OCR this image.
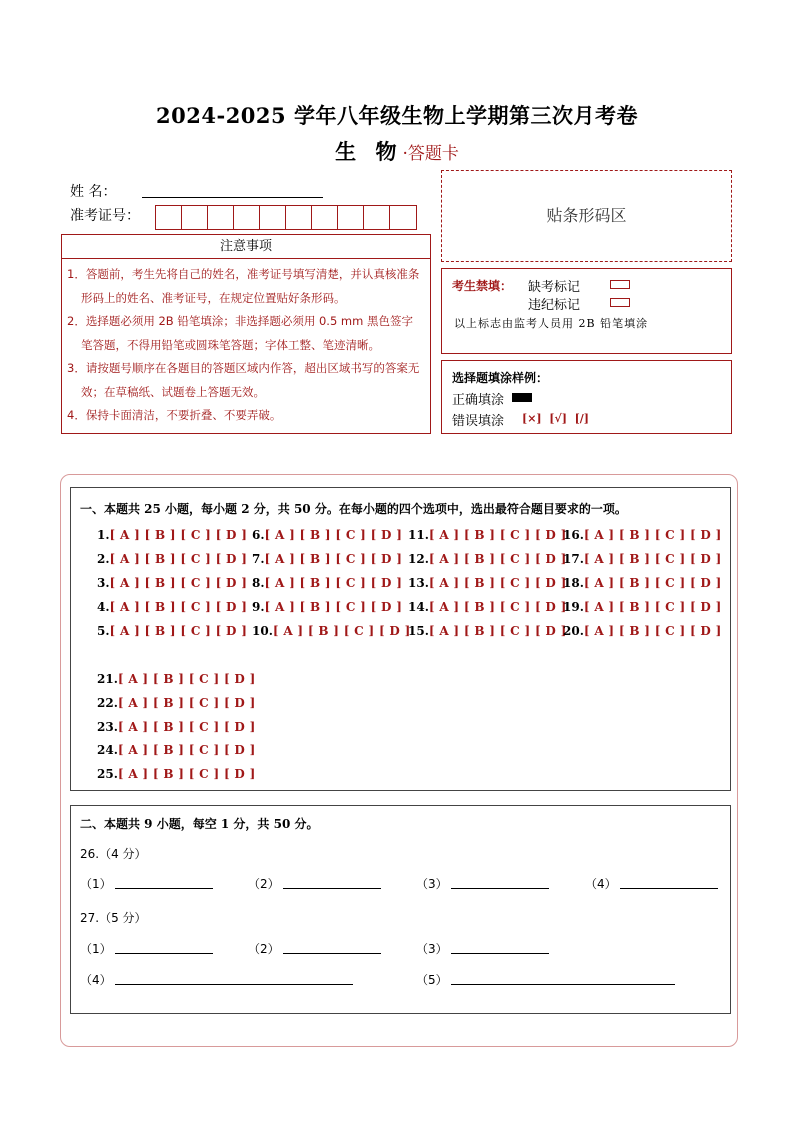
2024-2025 学年八年级生物上学期第三次月考卷
生 物·答题卡
姓 名：
准考证号：
注意事项

1．答题前，考生先将自己的姓名，准考证号填写清楚，并认真核准条形码上的姓名、准考证号，在规定位置贴好条形码。

2．选择题必须用 2B 铅笔填涂；非选择题必须用 0.5 mm 黑色签字笔答题，不得用铅笔或圆珠笔答题；字体工整、笔迹清晰。

3．请按题号顺序在各题目的答题区域内作答，超出区域书写的答案无效；在草稿纸、试题卷上答题无效。

4．保持卡面清洁，不要折叠、不要弄破。

贴条形码区
考生禁填： 缺考标记
违纪标记
以上标志由监考人员用 2B 铅笔填涂
选择题填涂样例：
正确填涂
错误填涂 [×]  [√]  [/]
一、本题共 25 小题，每小题 2 分，共 50 分。在每小题的四个选项中，选出最符合题目要求的一项。
1.[ A ] [ B ] [ C ] [ D ]
2.[ A ] [ B ] [ C ] [ D ]
3.[ A ] [ B ] [ C ] [ D ]
4.[ A ] [ B ] [ C ] [ D ]
5.[ A ] [ B ] [ C ] [ D ]
6.[ A ] [ B ] [ C ] [ D ]
7.[ A ] [ B ] [ C ] [ D ]
8.[ A ] [ B ] [ C ] [ D ]
9.[ A ] [ B ] [ C ] [ D ]
10.[ A ] [ B ] [ C ] [ D ]
11.[ A ] [ B ] [ C ] [ D ]
12.[ A ] [ B ] [ C ] [ D ]
13.[ A ] [ B ] [ C ] [ D ]
14.[ A ] [ B ] [ C ] [ D ]
15.[ A ] [ B ] [ C ] [ D ]
16.[ A ] [ B ] [ C ] [ D ]
17.[ A ] [ B ] [ C ] [ D ]
18.[ A ] [ B ] [ C ] [ D ]
19.[ A ] [ B ] [ C ] [ D ]
20.[ A ] [ B ] [ C ] [ D ]
21.[ A ] [ B ] [ C ] [ D ]
22.[ A ] [ B ] [ C ] [ D ]
23.[ A ] [ B ] [ C ] [ D ]
24.[ A ] [ B ] [ C ] [ D ]
25.[ A ] [ B ] [ C ] [ D ]
二、本题共 9 小题，每空 1 分，共 50 分。
26.（4 分）
（1）	（2）	（3）	（4）
27.（5 分）
（1）	（2）	（3）
（4）	（5）
